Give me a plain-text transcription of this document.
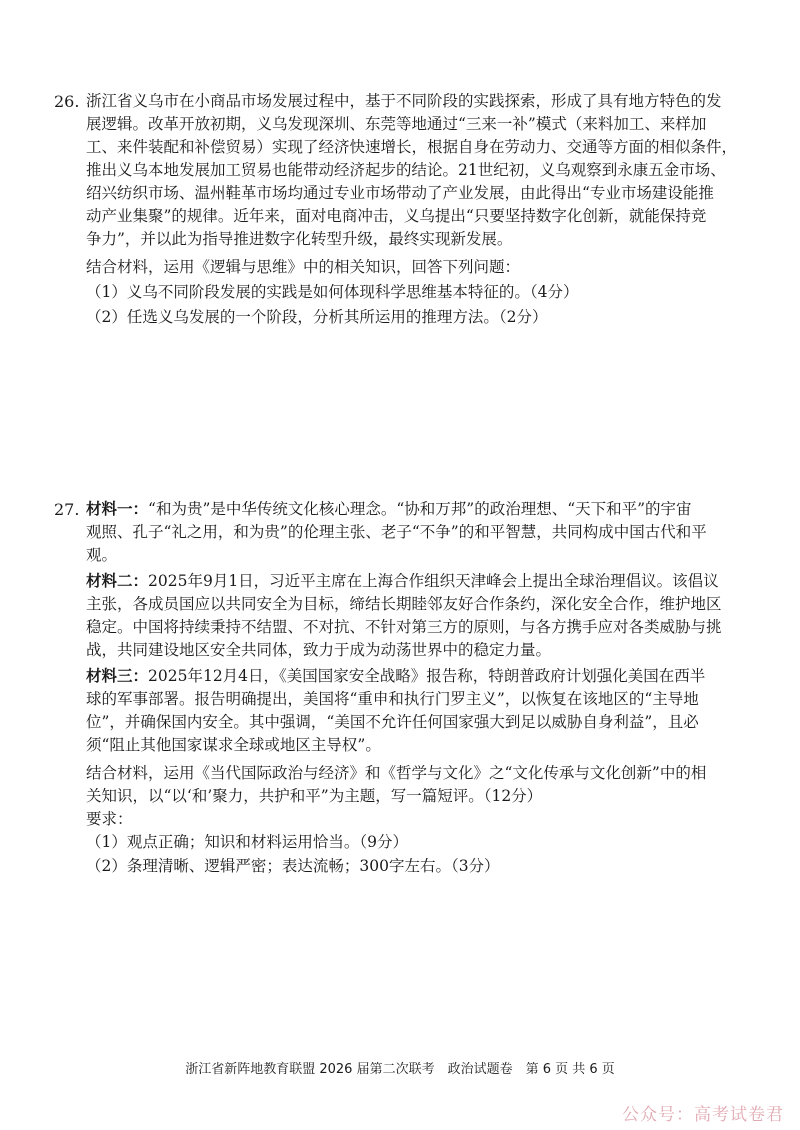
26. 浙江省义乌市在小商品市场发展过程中，基于不同阶段的实践探索，形成了具有地方特色的发
展逻辑。改革开放初期，义乌发现深圳、东莞等地通过“三来一补”模式（来料加工、来样加
工、来件装配和补偿贸易）实现了经济快速增长，根据自身在劳动力、交通等方面的相似条件，
推出义乌本地发展加工贸易也能带动经济起步的结论。21世纪初，义乌观察到永康五金市场、
绍兴纺织市场、温州鞋革市场均通过专业市场带动了产业发展，由此得出“专业市场建设能推
动产业集聚”的规律。近年来，面对电商冲击，义乌提出“只要坚持数字化创新，就能保持竞
争力”，并以此为指导推进数字化转型升级，最终实现新发展。
结合材料，运用《逻辑与思维》中的相关知识，回答下列问题：
（1）义乌不同阶段发展的实践是如何体现科学思维基本特征的。（4分）
（2）任选义乌发展的一个阶段，分析其所运用的推理方法。（2分）
27. 材料一：“和为贵”是中华传统文化核心理念。“协和万邦”的政治理想、“天下和平”的宇宙
观照、孔子“礼之用，和为贵”的伦理主张、老子“不争”的和平智慧，共同构成中国古代和平
观。
材料二：2025年9月1日，习近平主席在上海合作组织天津峰会上提出全球治理倡议。该倡议
主张，各成员国应以共同安全为目标，缔结长期睦邻友好合作条约，深化安全合作，维护地区
稳定。中国将持续秉持不结盟、不对抗、不针对第三方的原则，与各方携手应对各类威胁与挑
战，共同建设地区安全共同体，致力于成为动荡世界中的稳定力量。
材料三：2025年12月4日，《美国国家安全战略》报告称，特朗普政府计划强化美国在西半
球的军事部署。报告明确提出，美国将“重申和执行门罗主义”，以恢复在该地区的“主导地
位”，并确保国内安全。其中强调，“美国不允许任何国家强大到足以威胁自身利益”，且必
须“阻止其他国家谋求全球或地区主导权”。
结合材料，运用《当代国际政治与经济》和《哲学与文化》之“文化传承与文化创新”中的相
关知识，以“以‘和’聚力，共护和平”为主题，写一篇短评。（12分）
要求：
（1）观点正确；知识和材料运用恰当。（9分）
（2）条理清晰、逻辑严密；表达流畅；300字左右。（3分）
浙江省新阵地教育联盟 2026 届第二次联考　政治试题卷　第 6 页 共 6 页
公众号：高考试卷君
